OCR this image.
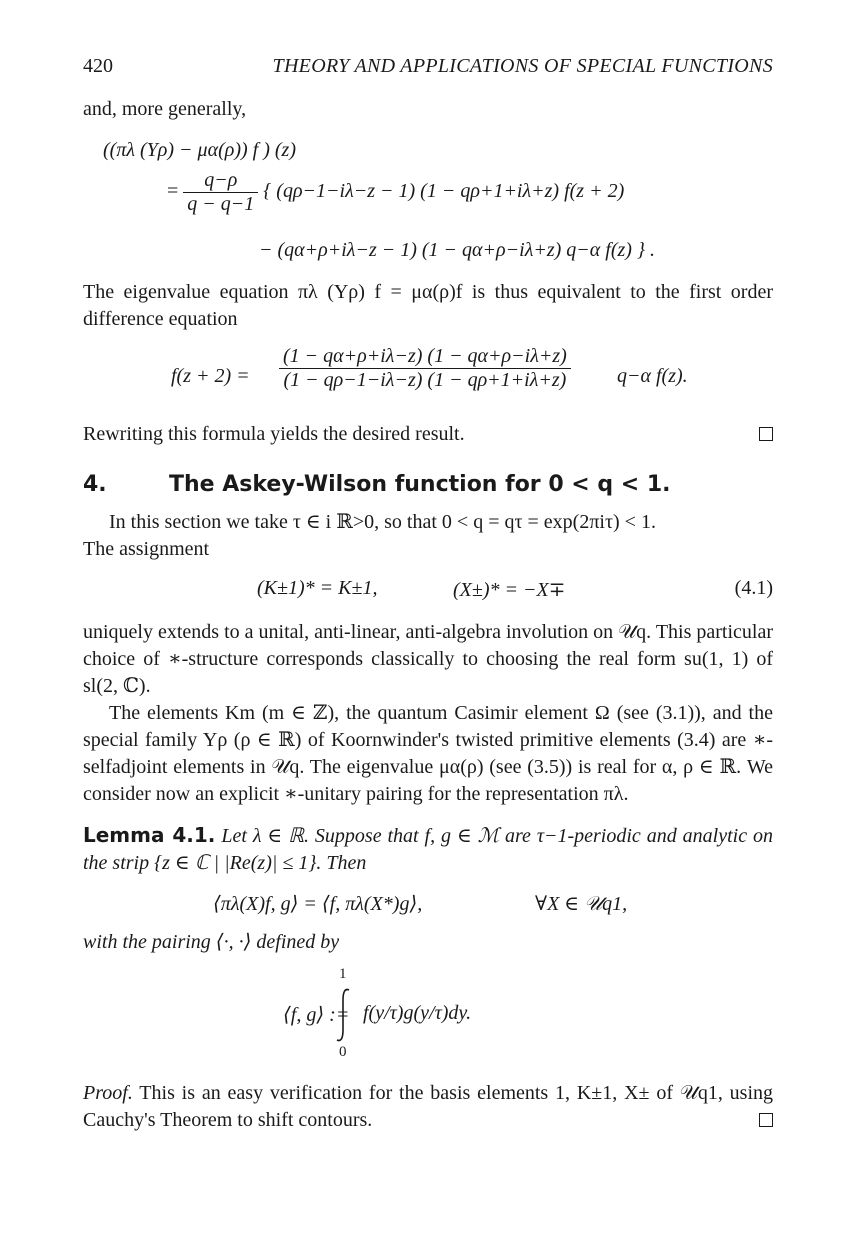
420	THEORY AND APPLICATIONS OF SPECIAL FUNCTIONS

and, more generally,

((πλ (Yρ) − μα(ρ)) f ) (z)
= $\frac{q-\rho}{q - q-1}$ { (qρ−1−iλ−z − 1) (1 − qρ+1+iλ+z) f(z + 2)
− (qα+ρ+iλ−z − 1) (1 − qα+ρ−iλ+z) q−α f(z) } .

The eigenvalue equation πλ (Yρ) f = μα(ρ)f is thus equivalent to the first order difference equation

$f(z + 2) = \frac{(1 - q\alpha+\rho+i\lambda-z) (1 - q\alpha+\rho-i\lambda+z)}{(1 - q\rho-1-i\lambda-z) (1 - q\rho+1+i\lambda+z)} q-\alpha$ f(z).

Rewriting this formula yields the desired result.

4.	The Askey-Wilson function for 0 < q < 1.

In this section we take τ ∈ i ℝ>0, so that 0 < q = qτ = exp(2πiτ) < 1.

The assignment

(K±1)* = K±1,	(X±)* = −X∓	(4.1)

uniquely extends to a unital, anti-linear, anti-algebra involution on 𝒰q. This particular choice of ∗-structure corresponds classically to choosing the real form su(1, 1) of sl(2, ℂ).

The elements Km (m ∈ ℤ), the quantum Casimir element Ω (see (3.1)), and the special family Yρ (ρ ∈ ℝ) of Koornwinder's twisted primitive elements (3.4) are ∗-selfadjoint elements in 𝒰q. The eigenvalue μα(ρ) (see (3.5)) is real for α, ρ ∈ ℝ. We consider now an explicit ∗-unitary pairing for the representation πλ.

Lemma 4.1. Let λ ∈ ℝ. Suppose that f, g ∈ ℳ are τ−1-periodic and analytic on the strip {z ∈ ℂ | |Re(z)| ≤ 1}. Then

⟨πλ(X)f, g⟩ = ⟨f, πλ(X*)g⟩,	∀X ∈ 𝒰q1,

with the pairing ⟨·, ·⟩ defined by

⟨f, g⟩ :=
1
0
f(y/τ)g(y/τ)dy.

Proof. This is an easy verification for the basis elements 1, K±1, X± of 𝒰q1, using Cauchy's Theorem to shift contours.
